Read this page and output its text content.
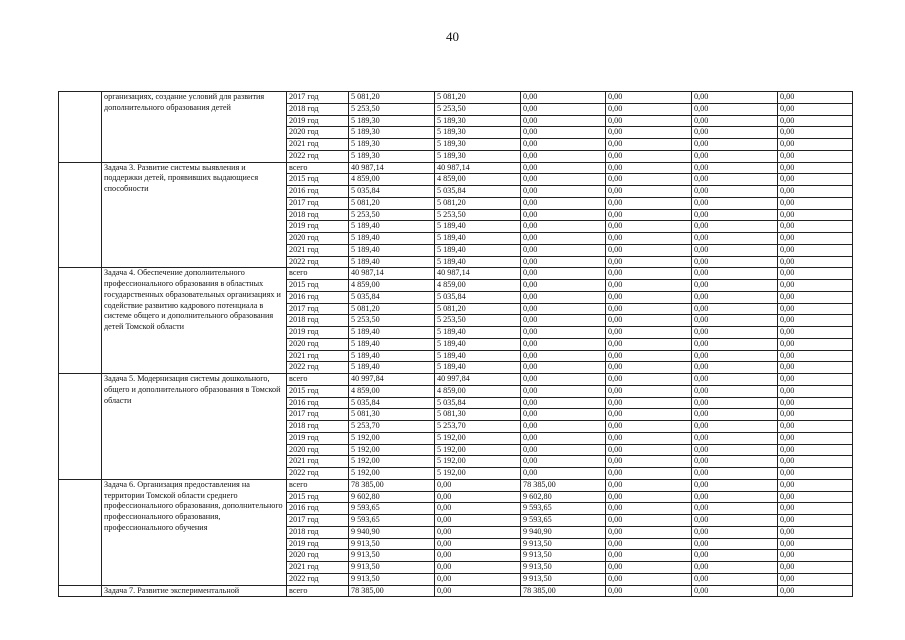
40

	организациях, создание условий для развития дополнительного образования детей	2017 год	5 081,20	5 081,20	0,00	0,00	0,00	0,00
		2018 год	5 253,50	5 253,50	0,00	0,00	0,00	0,00
		2019 год	5 189,30	5 189,30	0,00	0,00	0,00	0,00
		2020 год	5 189,30	5 189,30	0,00	0,00	0,00	0,00
		2021 год	5 189,30	5 189,30	0,00	0,00	0,00	0,00
		2022 год	5 189,30	5 189,30	0,00	0,00	0,00	0,00

	Задача 3. Развитие системы выявления и поддержки детей, проявивших выдающиеся способности	всего	40 987,14	40 987,14	0,00	0,00	0,00	0,00
		2015 год	4 859,00	4 859,00	0,00	0,00	0,00	0,00
		2016 год	5 035,84	5 035,84	0,00	0,00	0,00	0,00
		2017 год	5 081,20	5 081,20	0,00	0,00	0,00	0,00
		2018 год	5 253,50	5 253,50	0,00	0,00	0,00	0,00
		2019 год	5 189,40	5 189,40	0,00	0,00	0,00	0,00
		2020 год	5 189,40	5 189,40	0,00	0,00	0,00	0,00
		2021 год	5 189,40	5 189,40	0,00	0,00	0,00	0,00
		2022 год	5 189,40	5 189,40	0,00	0,00	0,00	0,00

	Задача 4. Обеспечение дополнительного профессионального образования в областных государственных образовательных организациях и содействие развитию кадрового потенциала в системе общего и дополнительного образования детей Томской области	всего	40 987,14	40 987,14	0,00	0,00	0,00	0,00
		2015 год	4 859,00	4 859,00	0,00	0,00	0,00	0,00
		2016 год	5 035,84	5 035,84	0,00	0,00	0,00	0,00
		2017 год	5 081,20	5 081,20	0,00	0,00	0,00	0,00
		2018 год	5 253,50	5 253,50	0,00	0,00	0,00	0,00
		2019 год	5 189,40	5 189,40	0,00	0,00	0,00	0,00
		2020 год	5 189,40	5 189,40	0,00	0,00	0,00	0,00
		2021 год	5 189,40	5 189,40	0,00	0,00	0,00	0,00
		2022 год	5 189,40	5 189,40	0,00	0,00	0,00	0,00

	Задача 5. Модернизация системы дошкольного, общего и дополнительного образования в Томской области	всего	40 997,84	40 997,84	0,00	0,00	0,00	0,00
		2015 год	4 859,00	4 859,00	0,00	0,00	0,00	0,00
		2016 год	5 035,84	5 035,84	0,00	0,00	0,00	0,00
		2017 год	5 081,30	5 081,30	0,00	0,00	0,00	0,00
		2018 год	5 253,70	5 253,70	0,00	0,00	0,00	0,00
		2019 год	5 192,00	5 192,00	0,00	0,00	0,00	0,00
		2020 год	5 192,00	5 192,00	0,00	0,00	0,00	0,00
		2021 год	5 192,00	5 192,00	0,00	0,00	0,00	0,00
		2022 год	5 192,00	5 192,00	0,00	0,00	0,00	0,00

	Задача 6. Организация предоставления на территории Томской области среднего профессионального образования, дополнительного профессионального образования, профессионального обучения	всего	78 385,00	0,00	78 385,00	0,00	0,00	0,00
		2015 год	9 602,80	0,00	9 602,80	0,00	0,00	0,00
		2016 год	9 593,65	0,00	9 593,65	0,00	0,00	0,00
		2017 год	9 593,65	0,00	9 593,65	0,00	0,00	0,00
		2018 год	9 940,90	0,00	9 940,90	0,00	0,00	0,00
		2019 год	9 913,50	0,00	9 913,50	0,00	0,00	0,00
		2020 год	9 913,50	0,00	9 913,50	0,00	0,00	0,00
		2021 год	9 913,50	0,00	9 913,50	0,00	0,00	0,00
		2022 год	9 913,50	0,00	9 913,50	0,00	0,00	0,00

	Задача 7. Развитие экспериментальной	всего	78 385,00	0,00	78 385,00	0,00	0,00	0,00
